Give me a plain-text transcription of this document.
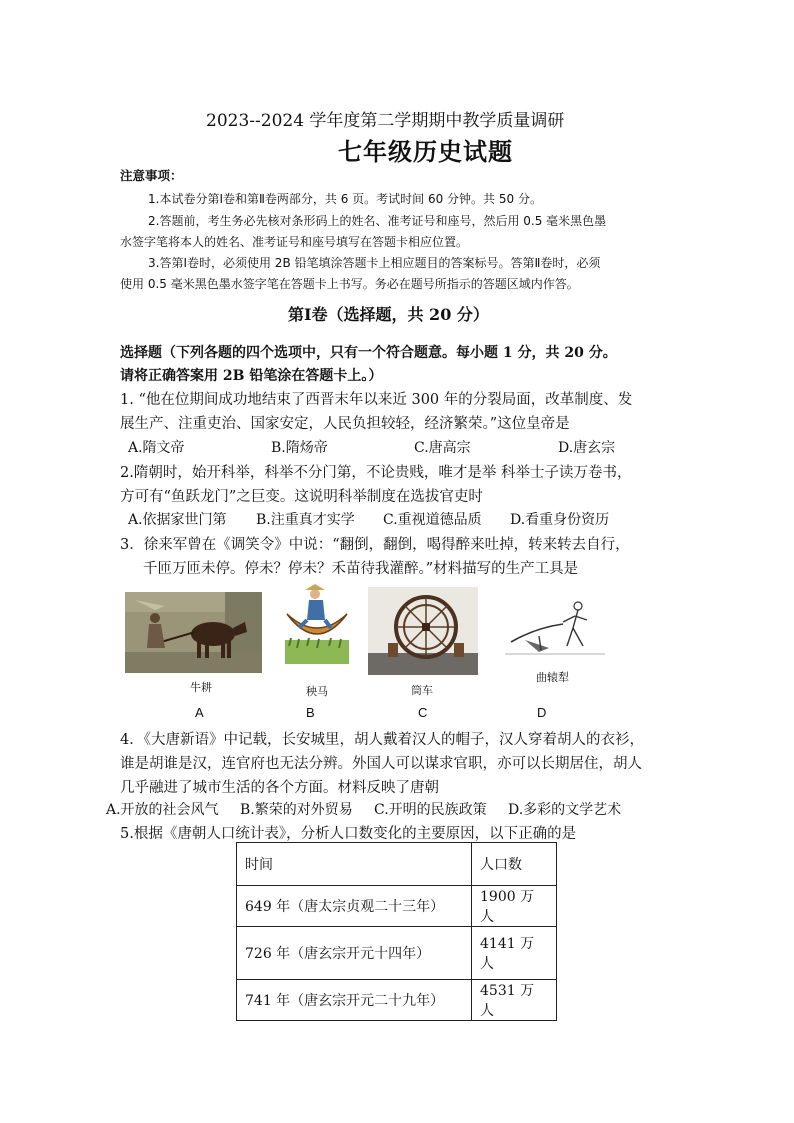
2023--2024 学年度第二学期期中教学质量调研
七年级历史试题
注意事项：
1.本试卷分第Ⅰ卷和第Ⅱ卷两部分，共 6 页。考试时间 60 分钟。共 50 分。
2.答题前，考生务必先核对条形码上的姓名、准考证号和座号，然后用 0.5 毫米黑色墨
水签字笔将本人的姓名、准考证号和座号填写在答题卡相应位置。
3.答第Ⅰ卷时，必须使用 2B 铅笔填涂答题卡上相应题目的答案标号。答第Ⅱ卷时，必须
使用 0.5 毫米黑色墨水签字笔在答题卡上书写。务必在题号所指示的答题区域内作答。
第Ⅰ卷（选择题，共 20 分）
选择题（下列各题的四个选项中，只有一个符合题意。每小题 1 分，共 20 分。
请将正确答案用 2B 铅笔涂在答题卡上。）
1. “他在位期间成功地结束了西晋末年以来近 300 年的分裂局面，改革制度、发
展生产、注重吏治、国家安定，人民负担较轻，经济繁荣。”这位皇帝是
A.隋文帝	B.隋炀帝	C.唐高宗	D.唐玄宗
2.隋朝时，始开科举，科举不分门第，不论贵贱，唯才是举 科举士子读万卷书，
方可有“鱼跃龙门”之巨变。这说明科举制度在选拔官吏时
A.依据家世门第 B.注重真才实学 C.重视道德品质 D.看重身份资历
3．徐来军曾在《调笑令》中说：“翻倒，翻倒，喝得醉来吐掉，转来转去自行，
千匝万匝未停。停未？停未？禾苗待我灌醉。”材料描写的生产工具是
牛耕	秧马	筒车
曲辕犁
A	B	C	D
4．《大唐新语》中记载，长安城里，胡人戴着汉人的帽子，汉人穿着胡人的衣衫，
谁是胡谁是汉，连官府也无法分辨。外国人可以谋求官职，亦可以长期居住，胡人
几乎融进了城市生活的各个方面。材料反映了唐朝
A.开放的社会风气 B.繁荣的对外贸易 C.开明的民族政策 D.多彩的文学艺术
5.根据《唐朝人口统计表》，分析人口数变化的主要原因，以下正确的是
时间	人口数
649 年（唐太宗贞观二十三年）	1900 万人
726 年（唐玄宗开元十四年）	4141 万人
741 年（唐玄宗开元二十九年）	4531 万人
